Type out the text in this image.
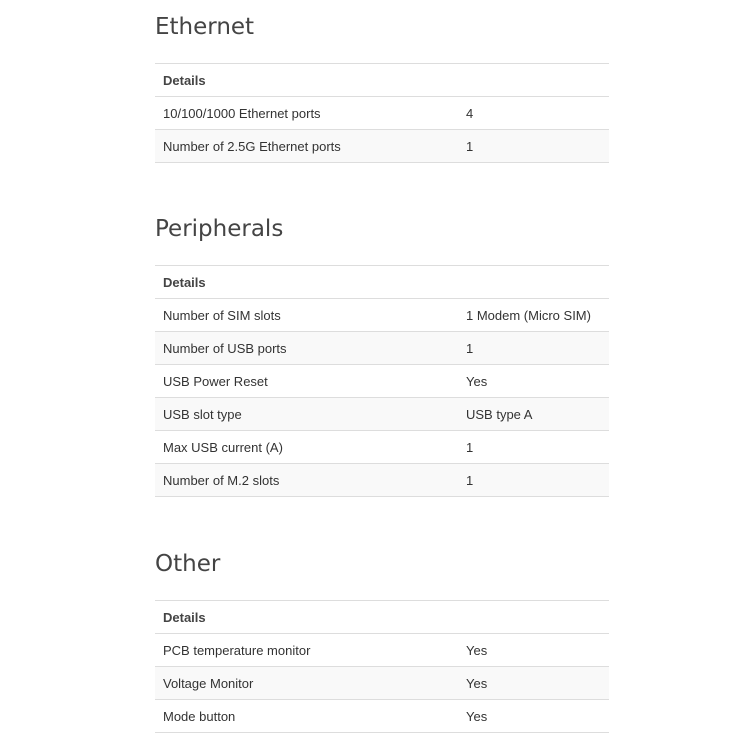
Ethernet
Details	
10/100/1000 Ethernet ports	4
Number of 2.5G Ethernet ports	1
Peripherals
Details	
Number of SIM slots	1 Modem (Micro SIM)
Number of USB ports	1
USB Power Reset	Yes
USB slot type	USB type A
Max USB current (A)	1
Number of M.2 slots	1
Other
Details	
PCB temperature monitor	Yes
Voltage Monitor	Yes
Mode button	Yes
